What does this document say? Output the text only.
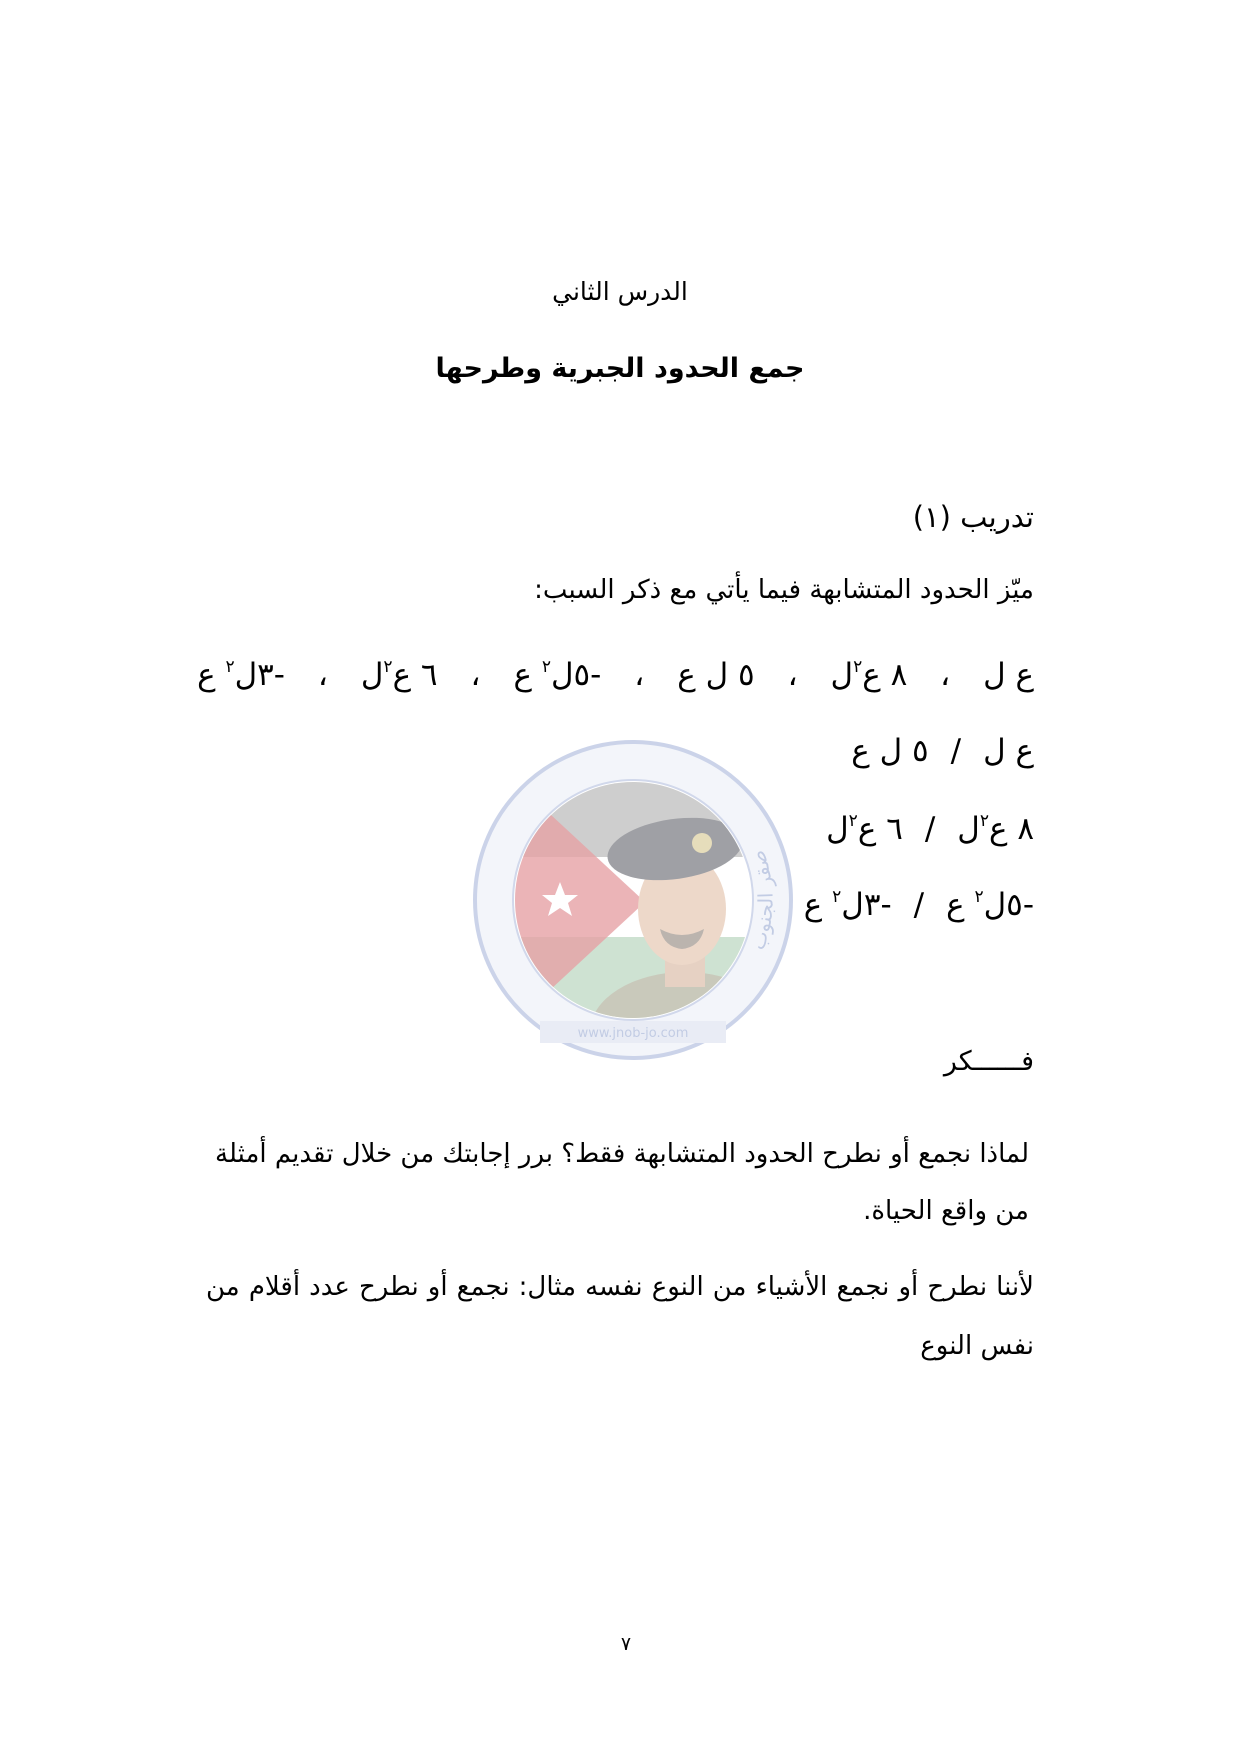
الدرس الثاني
جمع الحدود الجبرية وطرحها
تدريب (١)
ميّز الحدود المتشابهة فيما يأتي مع ذكر السبب:
ع ل
،
٨ ع$^٢$ل
،
٥ ل ع
،
-٥ل$^٢$ ع
،
٦ ع$^٢$ل
،
-٣ل$^٢$ ع
صقر الجنوب
www.jnob-jo.com
ع ل/٥ ل ع
٨ ع$^٢$ل/٦ ع$^٢$ل
-٥ل$^٢$ ع/-٣ل$^٢$ ع
فــــــكر
لماذا نجمع أو نطرح الحدود المتشابهة فقط؟ برر إجابتك من خلال تقديم أمثلة
من واقع الحياة.
لأننا نطرح أو نجمع الأشياء من النوع نفسه مثال: نجمع أو نطرح عدد أقلام من
نفس النوع
٧
